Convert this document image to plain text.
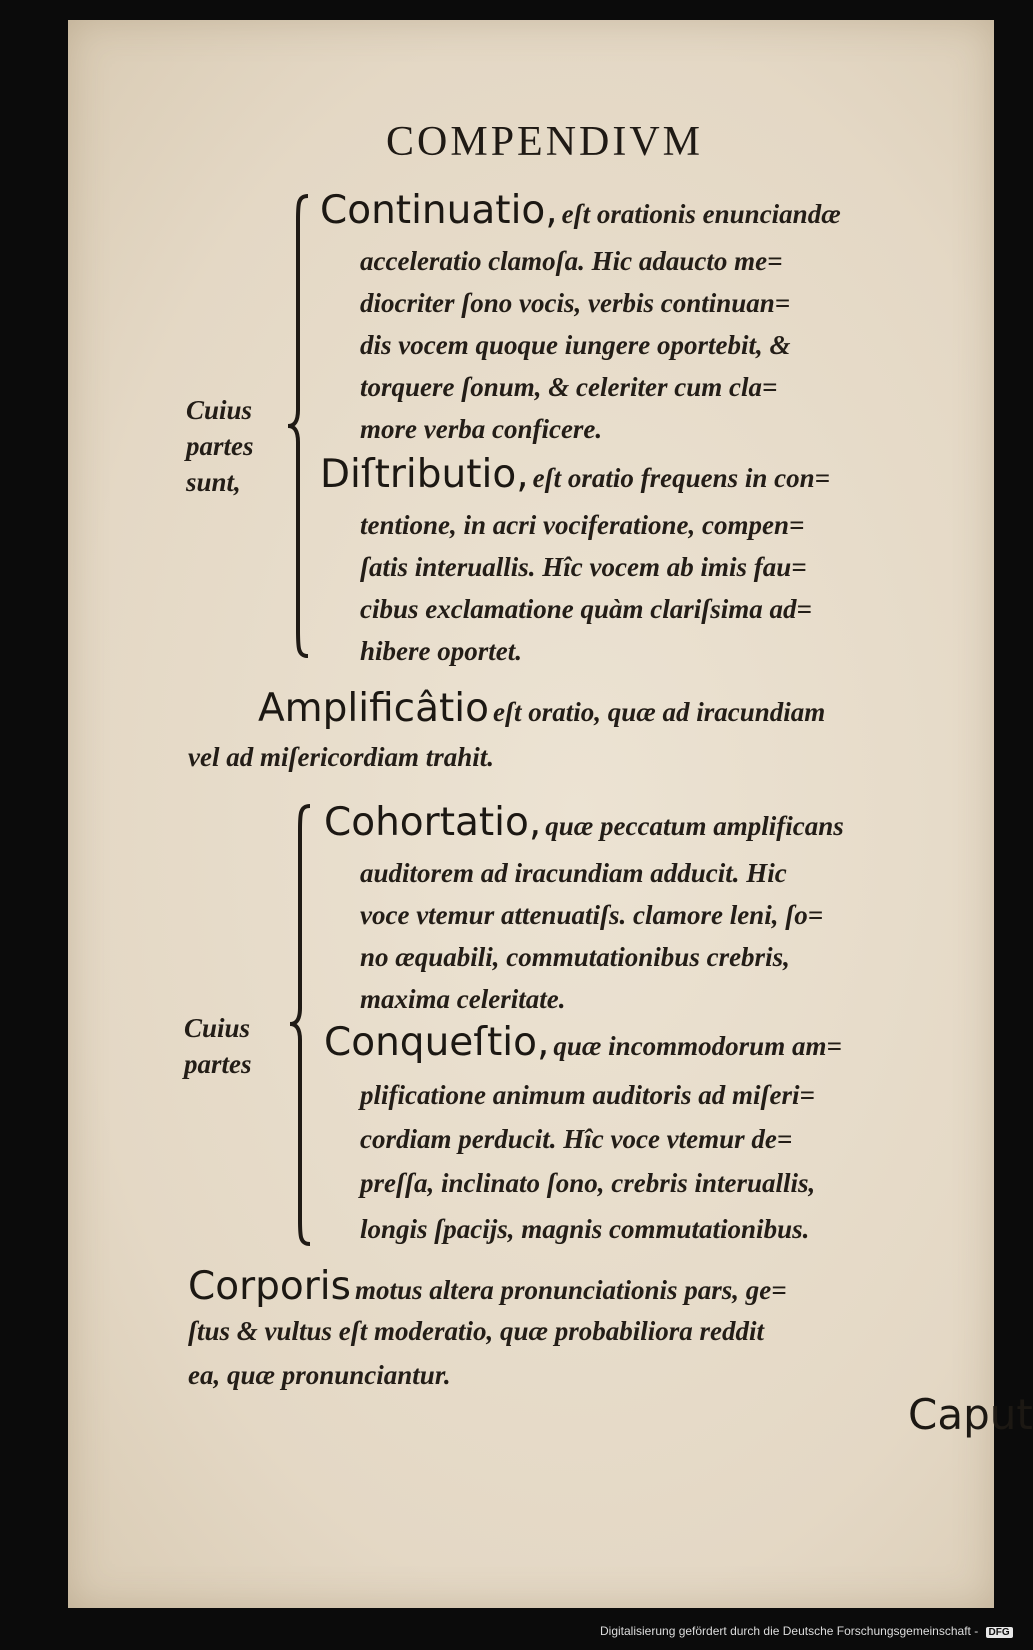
COMPENDIVM
Cuius
partes
sunt,
Continuatio, eſt orationis enunciandæ
acceleratio clamoſa. Hic adaucto me=
diocriter ſono vocis, verbis continuan=
dis vocem quoque iungere oportebit, &
torquere ſonum, & celeriter cum cla=
more verba conficere.
Diſtributio, eſt oratio frequens in con=
tentione, in acri vociferatione, compen=
ſatis interuallis. Hîc vocem ab imis fau=
cibus exclamatione quàm clariſsima ad=
hibere oportet.
Amplificâtio eſt oratio, quæ ad iracundiam
vel ad miſericordiam trahit.
Cuius
partes
Cohortatio, quæ peccatum amplificans
auditorem ad iracundiam adducit. Hic
voce vtemur attenuatiſs. clamore leni, ſo=
no æquabili, commutationibus crebris,
maxima celeritate.
Conqueſtio, quæ incommodorum am=
plificatione animum auditoris ad miſeri=
cordiam perducit. Hîc voce vtemur de=
preſſa, inclinato ſono, crebris interuallis,
longis ſpacijs, magnis commutationibus.
Corporis motus altera pronunciationis pars, ge=
ſtus & vultus eſt moderatio, quæ probabiliora reddit
ea, quæ pronunciantur.
Caput
Digitalisierung gefördert durch die Deutsche Forschungsgemeinschaft - DFG
